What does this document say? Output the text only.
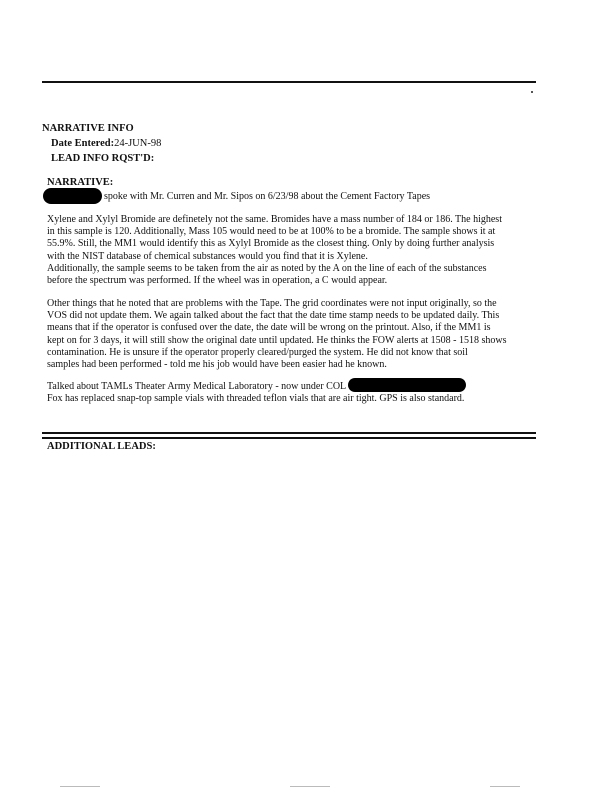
NARRATIVE INFO
Date Entered:24-JUN-98
LEAD INFO RQST'D:
NARRATIVE:
spoke with Mr. Curren and Mr. Sipos on 6/23/98 about the Cement Factory Tapes
Xylene and Xylyl Bromide are definetely not the same. Bromides have a mass number of 184 or 186. The highest
in this sample is 120. Additionally, Mass 105 would need to be at 100% to be a bromide. The sample shows it at
55.9%. Still, the MM1 would identify this as Xylyl Bromide as the closest thing. Only by doing further analysis
with the NIST database of chemical substances would you find that it is Xylene.
Additionally, the sample seems to be taken from the air as noted by the A on the line of each of the substances
before the spectrum was performed. If the wheel was in operation, a C would appear.
Other things that he noted that are problems with the Tape. The grid coordinates were not input originally, so the
VOS did not update them. We again talked about the fact that the date time stamp needs to be updated daily. This
means that if the operator is confused over the date, the date will be wrong on the printout. Also, if the MM1 is
kept on for 3 days, it will still show the original date until updated. He thinks the FOW alerts at 1508 - 1518 shows
contamination. He is unsure if the operator properly cleared/purged the system. He did not know that soil
samples had been performed - told me his job would have been easier had he known.
Talked about TAMLs Theater Army Medical Laboratory - now under COL
Fox has replaced snap-top sample vials with threaded teflon vials that are air tight. GPS is also standard.
ADDITIONAL LEADS:
